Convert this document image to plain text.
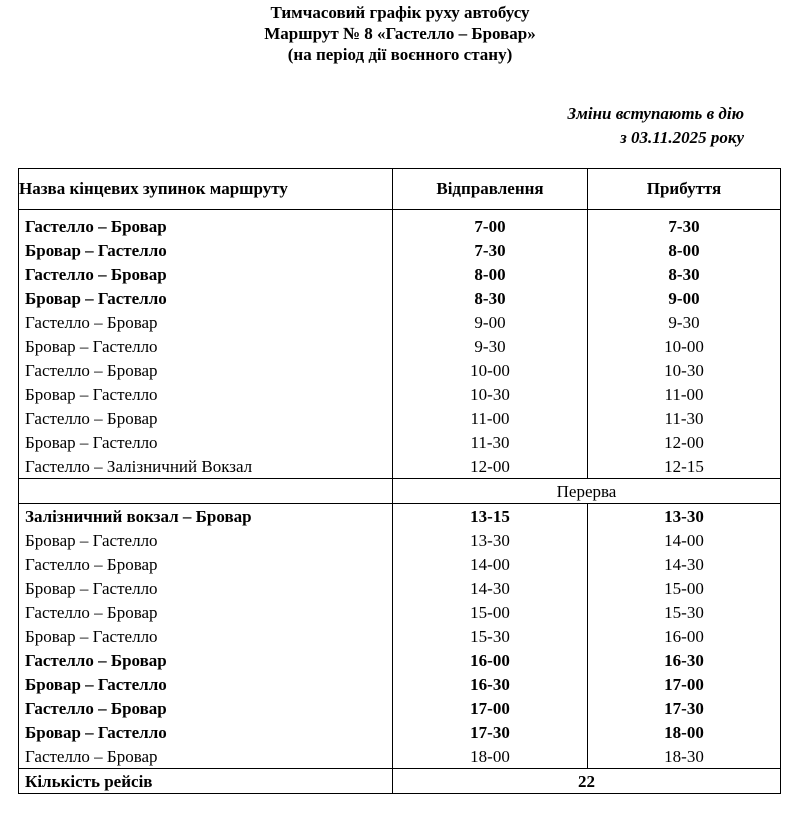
Тимчасовий графік руху автобусу
Маршрут № 8 «Гастелло – Бровар»
(на період дії воєнного стану)
Зміни вступають в дію
з 03.11.2025 року
Назва кінцевих зупинок маршруту	Відправлення	Прибуття

Гастелло – Бровар	7-00	7-30
Бровар – Гастелло	7-30	8-00
Гастелло – Бровар	8-00	8-30
Бровар – Гастелло	8-30	9-00
Гастелло – Бровар	9-00	9-30
Бровар – Гастелло	9-30	10-00
Гастелло – Бровар	10-00	10-30
Бровар – Гастелло	10-30	11-00
Гастелло – Бровар	11-00	11-30
Бровар – Гастелло	11-30	12-00
Гастелло – Залізничний Вокзал	12-00	12-15
	Перерва	
Залізничний вокзал – Бровар	13-15	13-30
Бровар – Гастелло	13-30	14-00
Гастелло – Бровар	14-00	14-30
Бровар – Гастелло	14-30	15-00
Гастелло – Бровар	15-00	15-30
Бровар – Гастелло	15-30	16-00
Гастелло – Бровар	16-00	16-30
Бровар – Гастелло	16-30	17-00
Гастелло – Бровар	17-00	17-30
Бровар – Гастелло	17-30	18-00
Гастелло – Бровар	18-00	18-30
Кількість рейсів	22	
